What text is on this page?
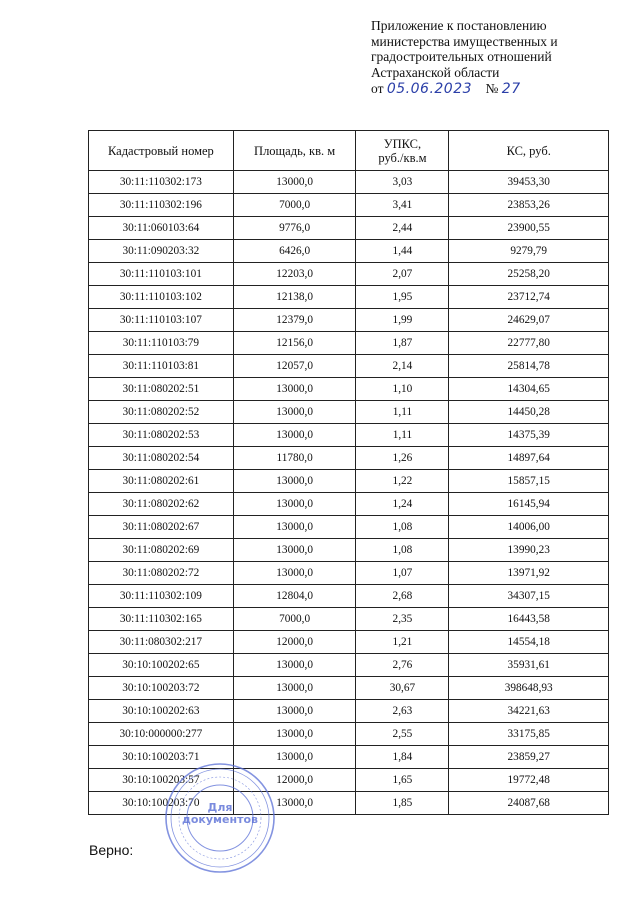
Приложение к постановлению
министерства имущественных и
градостроительных отношений
Астраханской области
от 05.06.2023 № 27
Кадастровый номер	Площадь, кв. м	УПКС, руб./кв.м	КС, руб.
30:11:110302:173	13000,0	3,03	39453,30
30:11:110302:196	7000,0	3,41	23853,26
30:11:060103:64	9776,0	2,44	23900,55
30:11:090203:32	6426,0	1,44	9279,79
30:11:110103:101	12203,0	2,07	25258,20
30:11:110103:102	12138,0	1,95	23712,74
30:11:110103:107	12379,0	1,99	24629,07
30:11:110103:79	12156,0	1,87	22777,80
30:11:110103:81	12057,0	2,14	25814,78
30:11:080202:51	13000,0	1,10	14304,65
30:11:080202:52	13000,0	1,11	14450,28
30:11:080202:53	13000,0	1,11	14375,39
30:11:080202:54	11780,0	1,26	14897,64
30:11:080202:61	13000,0	1,22	15857,15
30:11:080202:62	13000,0	1,24	16145,94
30:11:080202:67	13000,0	1,08	14006,00
30:11:080202:69	13000,0	1,08	13990,23
30:11:080202:72	13000,0	1,07	13971,92
30:11:110302:109	12804,0	2,68	34307,15
30:11:110302:165	7000,0	2,35	16443,58
30:11:080302:217	12000,0	1,21	14554,18
30:10:100202:65	13000,0	2,76	35931,61
30:10:100203:72	13000,0	30,67	398648,93
30:10:100202:63	13000,0	2,63	34221,63
30:10:000000:277	13000,0	2,55	33175,85
30:10:100203:71	13000,0	1,84	23859,27
30:10:100203:57	12000,0	1,65	19772,48
30:10:100203:70	13000,0	1,85	24087,68
Верно:
Для
документов
